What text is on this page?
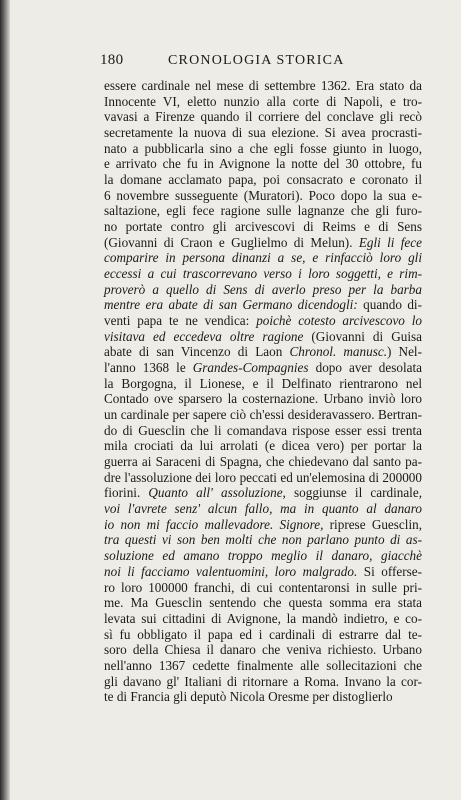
180	CRONOLOGIA STORICA
essere cardinale nel mese di settembre 1362. Era stato da
Innocente VI, eletto nunzio alla corte di Napoli, e tro-
vavasi a Firenze quando il corriere del conclave gli recò
secretamente la nuova di sua elezione. Si avea procrasti-
nato a pubblicarla sino a che egli fosse giunto in luogo,
e arrivato che fu in Avignone la notte del 30 ottobre, fu
la domane acclamato papa, poi consacrato e coronato il
6 novembre susseguente (Muratori). Poco dopo la sua e-
saltazione, egli fece ragione sulle lagnanze che gli furo-
no portate contro gli arcivescovi di Reims e di Sens
(Giovanni di Craon e Guglielmo di Melun). Egli li fece
comparire in persona dinanzi a se, e rinfacciò loro gli
eccessi a cui trascorrevano verso i loro soggetti, e rim-
proverò a quello di Sens di averlo preso per la barba
mentre era abate di san Germano dicendogli: quando di-
venti papa te ne vendica: poichè cotesto arcivescovo lo
visitava ed eccedeva oltre ragione (Giovanni di Guisa
abate di san Vincenzo di Laon Chronol. manusc.) Nel-
l'anno 1368 le Grandes-Compagnies dopo aver desolata
la Borgogna, il Lionese, e il Delfinato rientrarono nel
Contado ove sparsero la costernazione. Urbano inviò loro
un cardinale per sapere ciò ch'essi desideravassero. Bertran-
do di Guesclin che li comandava rispose esser essi trenta
mila crociati da lui arrolati (e dicea vero) per portar la
guerra ai Saraceni di Spagna, che chiedevano dal santo pa-
dre l'assoluzione dei loro peccati ed un'elemosina di 200000
fiorini. Quanto all' assoluzione, soggiunse il cardinale,
voi l'avrete senz' alcun fallo, ma in quanto al danaro
io non mi faccio mallevadore. Signore, riprese Guesclin,
tra questi vi son ben molti che non parlano punto di as-
soluzione ed amano troppo meglio il danaro, giacchè
noi li facciamo valentuomini, loro malgrado. Si offerse-
ro loro 100000 franchi, di cui contentaronsi in sulle pri-
me. Ma Guesclin sentendo che questa somma era stata
levata sui cittadini di Avignone, la mandò indietro, e co-
sì fu obbligato il papa ed i cardinali di estrarre dal te-
soro della Chiesa il danaro che veniva richiesto. Urbano
nell'anno 1367 cedette finalmente alle sollecitazioni che
gli davano gl' Italiani di ritornare a Roma. Invano la cor-
te di Francia gli deputò Nicola Oresme per distoglierlo
